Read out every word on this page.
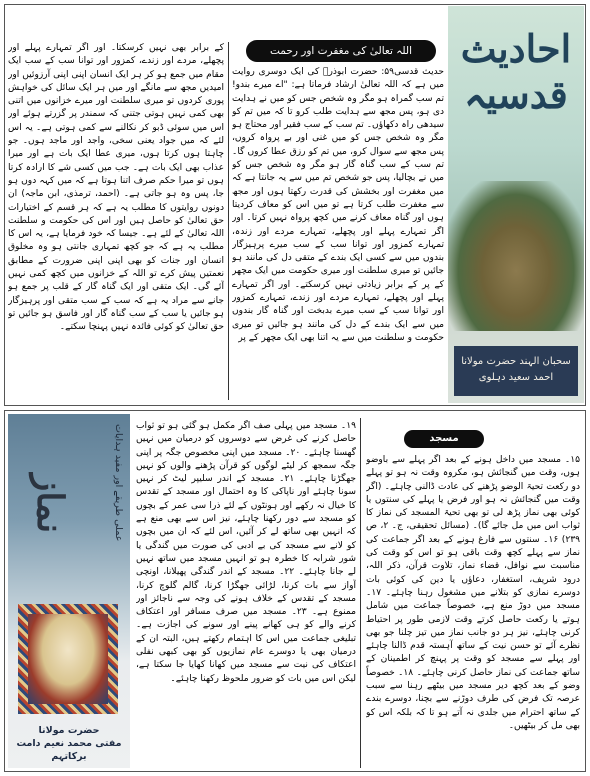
احادیث قدسیہ
سحبان الہند حضرت مولانا
احمد سعید دہلوی
اللہ تعالیٰ کی مغفرت اور رحمت
حدیث قدسی۵۹: حضرت ابوذرؓ کی ایک دوسری روایت میں ہے کہ اللہ تعالیٰ ارشاد فرماتا ہے: "اے میرے بندو! تم سب گمراہ ہو مگر وہ شخص جس کو میں نے ہدایت دی ہو، پس مجھ سے ہدایت طلب کرو تا کہ میں تم کو سیدھی راہ دکھاؤں۔ تم سب کے سب فقیر اور محتاج ہو مگر وہ شخص جس کو میں غنی اور بے پرواہ کروں، پس مجھ سے سوال کرو، میں تم کو رزق عطا کروں گا۔ تم سب کے سب گناہ گار ہو مگر وہ شخص جس کو میں نے بچالیا، پس جو شخص تم میں سے یہ جانتا ہے کہ میں مغفرت اور بخشش کی قدرت رکھتا ہوں اور مجھ سے مغفرت طلب کرتا ہے تو میں اس کو معاف کردیتا ہوں اور گناہ معاف کرنے میں کچھ پرواہ نہیں کرتا۔ اور اگر تمہارے پہلے اور پچھلے، تمہارے مردے اور زندہ، تمہارے کمزور اور توانا سب کے سب میرے پرہیزگار بندوں میں سے کسی ایک بندے کے متقی دل کی مانند ہو جائیں تو میری سلطنت اور میری حکومت میں ایک مچھر کے پر کے برابر زیادتی نہیں کرسکتے۔ اور اگر تمہارے پہلے اور پچھلے، تمہارے مردے اور زندے، تمہارے کمزور اور توانا سب کے سب میرے بدبخت اور گناہ گار بندوں میں سے ایک بندے کے دل کی مانند ہو جائیں تو میری حکومت و سلطنت میں سے یہ اتنا بھی ایک مچھر کے پر
کے برابر بھی نہیں کرسکتا۔ اور اگر تمہارے پہلے اور پچھلے، مردے اور زندے، کمزور اور توانا سب کے سب ایک مقام میں جمع ہو کر ہر ایک انسان اپنی اپنی آرزوئیں اور امیدیں مجھ سے مانگے اور میں ہر ایک سائل کی خواہش پوری کردوں تو میری سلطنت اور میرے خزانوں میں اتنی بھی کمی نہیں ہوتی جتنی کہ سمندر پر گزرتے ہوئے اور اس میں سوئی ڈبو کر نکالنے سے کمی ہوتی ہے۔ یہ اس لئے کہ میں جواد یعنی سخی، واجد اور ماجد ہوں۔ جو چاہتا ہوں کرتا ہوں، میری عطا ایک بات ہے اور میرا عذاب بھی ایک بات ہے۔ جب میں کسی شے کا ارادہ کرتا ہوں تو میرا حکم صرف اتنا ہوتا ہے کہ میں کہہ دوں ہو جا، پس وہ ہو جاتی ہے۔ (احمد، ترمذی، ابن ماجہ) ان دونوں روایتوں کا مطلب یہ ہے کہ ہر قسم کے اختیارات حق تعالیٰ کو حاصل ہیں اور اس کی حکومت و سلطنت اللہ تعالیٰ کے لئے ہے۔ جیسا کہ خود فرمایا ہے، یہ اس کا مطلب یہ ہے کہ جو کچھ تمہاری جانتی ہو وہ مخلوق انسان اور جنات کو بھی اپنی اپنی ضرورت کے مطابق نعمتیں پیش کرے تو اللہ کے خزانوں میں کچھ کمی نہیں آئے گی۔ ایک متقی اور ایک گناہ گار کے قلب پر جمع ہو جانے سے مراد یہ ہے کہ سب کے سب متقی اور پرہیزگار ہو جائیں یا سب کے سب گناہ گار اور فاسق ہو جائیں تو حق تعالیٰ کو کوئی فائدہ نہیں پہنچا سکتے۔
نماز	عملی طریقے اور مفید ہدایات
حضرت مولانا
مفتی محمد نعیم دامت برکاتہم
مسجد
۱۵۔ مسجد میں داخل ہونے کے بعد اگر پہلے سے باوضو ہوں، وقت میں گنجائش ہو، مکروہ وقت نہ ہو تو پہلے دو رکعت تحیۃ الوضو پڑھنے کی عادت ڈالنی چاہئے۔ (اگر وقت میں گنجائش نہ ہو اور فرض یا پہلے کی سنتوں یا کوئی بھی نماز پڑھ لی تو بھی تحیۃ المسجد کی نماز کا ثواب اس میں مل جائے گا)۔ (مسائل تحقیقی، ج۔ ۲، ص ۲۳۹) ۱۶۔ سنتوں سے فارغ ہونے کے بعد اگر جماعت کی نماز سے پہلے کچھ وقت باقی ہو تو اس کو وقت کی مناسبت سے نوافل، قضاء نماز، تلاوت قرآن، ذکر اللہ، درود شریف، استغفار، دعاؤں یا دین کی کوئی بات دوسرے نمازی کو بتلانے میں مشغول رہنا چاہئے۔ ۱۷۔ مسجد میں دوڑ منع ہے، خصوصاً جماعت میں شامل ہوتے یا رکعت حاصل کرتے وقت لازمی طور پر احتیاط کرنی چاہئے، نیز ہر دو جانب نماز میں تیز چلنا جو بھی نظرے آئے تو حسن نیت کے ساتھ آہستہ قدم ڈالنا چاہئے اور پہلے سے مسجد کو وقت پر پہنچ کر اطمینان کے ساتھ جماعت کی نماز حاصل کرنی چاہئے۔ ۱۸۔ خصوصاً وضو کے بعد کچھ دیر مسجد میں بیٹھے رہنا سے سبب عرصہ تک فرض کی طرف دوڑنے سے بچنا، دوسرے بندے کے ساتھ احترام میں جلدی نہ آتے ہو تا کہ بلکہ اس کو بھی مل کر بیٹھیں۔
۱۹۔ مسجد میں پہلی صف اگر مکمل ہو گئی ہو تو ثواب حاصل کرنے کی غرض سے دوسروں کو درمیان میں نہیں گھسنا چاہئے۔ ۲۰۔ مسجد میں اپنی مخصوص جگہ پر اپنی جگہ سمجھ کر لیٹے لوگوں کو قرآن پڑھنے والوں کو نہیں جھگڑنا چاہئے۔ ۲۱۔ مسجد کے اندر سلیپر لیٹ کر نہیں سونا چاہئے اور ناپاکی کا وہ احتمال اور مسجد کے تقدس کا خیال نہ رکھے اور ہونٹوں کے لئے ذرا سی عمر کے بچوں کو مسجد سے دور رکھنا چاہئے، نیز اس سے بھی منع ہے کہ انہیں بھی ساتھ لے کر آئیں، اس لئے کہ ان میں بچوں کو لانے سے مسجد کی بے ادبی کی صورت میں گندگی یا شور شرابہ کا خطرہ ہو تو انہیں مسجد میں ساتھ نہیں لے جانا چاہئے۔ ۲۲۔ مسجد کے اندر گندگی پھیلانا، اونچی آواز سے بات کرنا، لڑائی جھگڑا کرنا، گالم گلوچ کرنا، مسجد کے تقدس کے خلاف ہونے کی وجہ سے ناجائز اور ممنوع ہے۔ ۲۳۔ مسجد میں صرف مسافر اور اعتکاف کرنے والے کو ہی کھانے پینے اور سونے کی اجازت ہے۔ تبلیغی جماعت میں اس کا اہتمام رکھتے ہیں، البتہ ان کے درمیان بھی یا دوسرے عام نمازیوں کو بھی کبھی نفلی اعتکاف کی نیت سے مسجد میں کھانا کھایا جا سکتا ہے، لیکن اس میں بات کو ضرور ملحوظ رکھنا چاہئے۔
